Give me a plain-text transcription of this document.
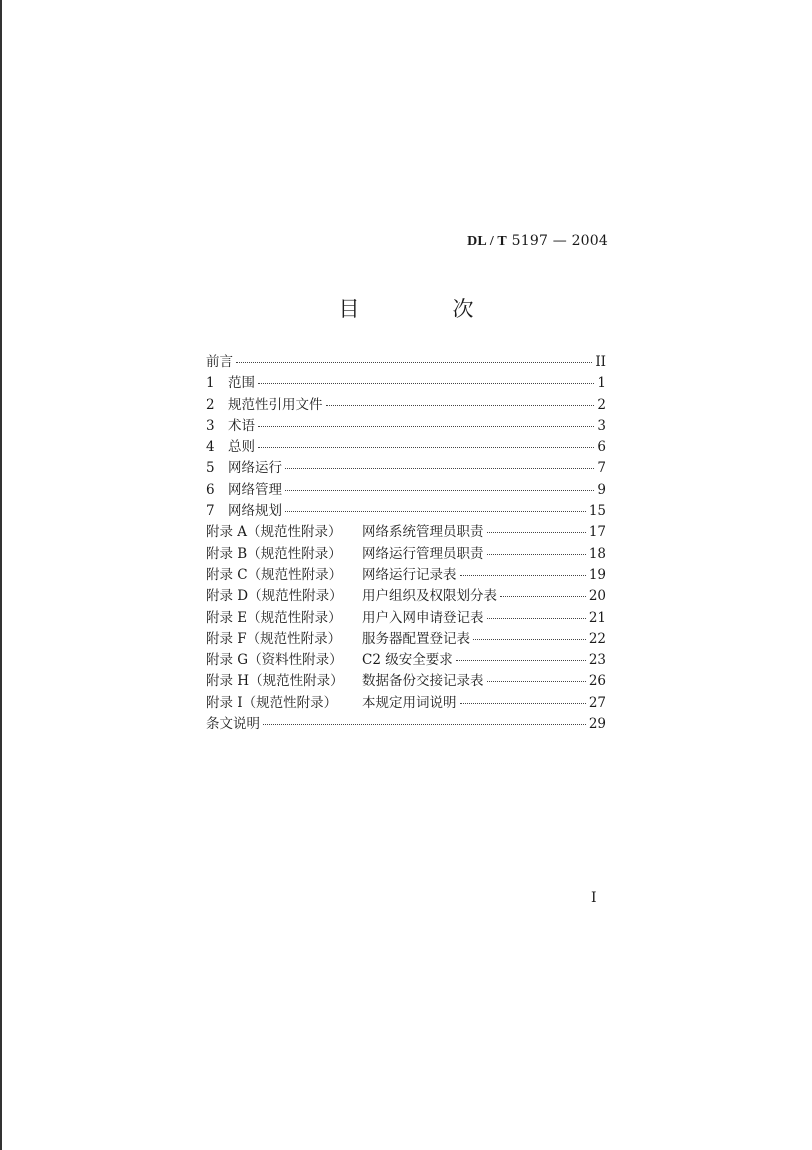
DL / T 5197 — 2004
目　次
前言	II
1 范围	1
2 规范性引用文件	2
3 术语	3
4 总则	6
5 网络运行	7
6 网络管理	9
7 网络规划	15
附录 A（规范性附录） 网络系统管理员职责	17
附录 B（规范性附录） 网络运行管理员职责	18
附录 C（规范性附录） 网络运行记录表	19
附录 D（规范性附录） 用户组织及权限划分表	20
附录 E（规范性附录） 用户入网申请登记表	21
附录 F（规范性附录） 服务器配置登记表	22
附录 G（资料性附录） C2 级安全要求	23
附录 H（规范性附录） 数据备份交接记录表	26
附录 I（规范性附录） 本规定用词说明	27
条文说明	29
I
